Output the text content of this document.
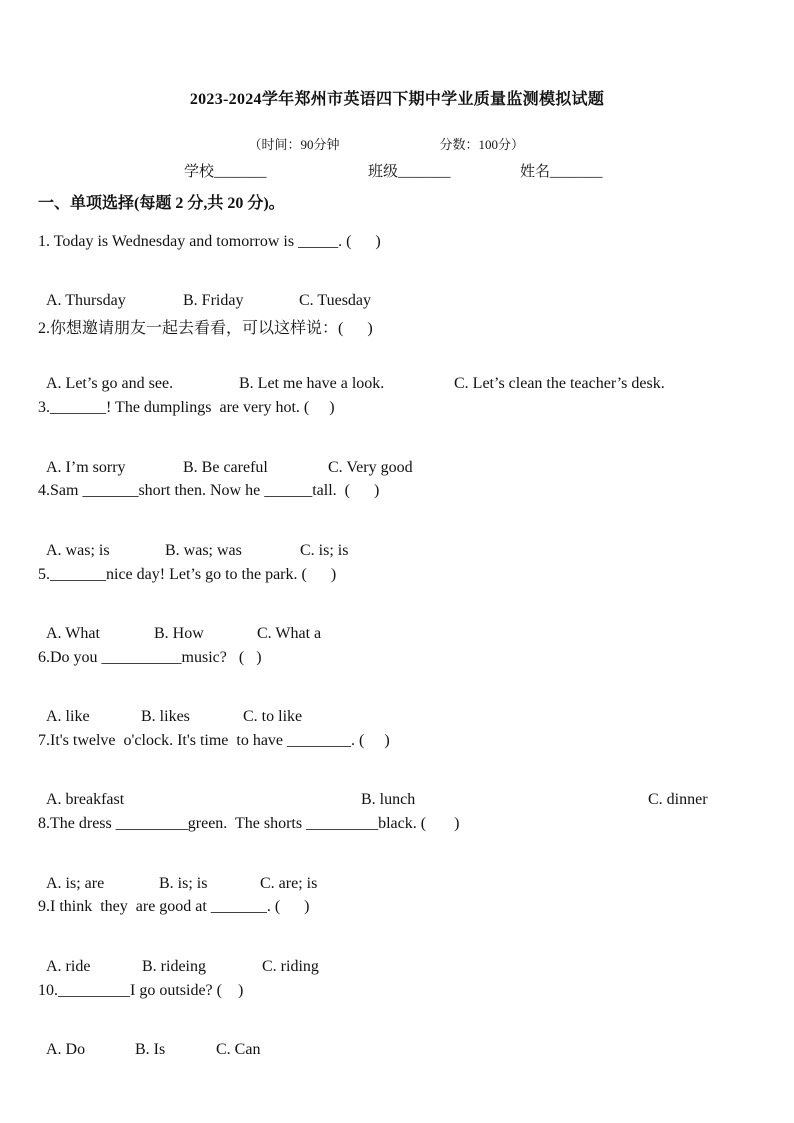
2023-2024学年郑州市英语四下期中学业质量监测模拟试题

（时间：90分钟	分数：100分）

学校_______	班级_______	姓名_______
一、单项选择(每题 2 分,共 20 分)。
1. Today is Wednesday and tomorrow is _____. (      )

A. Thursday	B. Friday	C. Tuesday

2.你想邀请朋友一起去看看，可以这样说：(      )

A. Let’s go and see.	B. Let me have a look.	C. Let’s clean the teacher’s desk.

3._______! The dumplings  are very hot. (     )

A. I’m sorry	B. Be careful	C. Very good

4.Sam _______short then. Now he ______tall.  (      )

A. was; is	B. was; was	C. is; is

5._______nice day! Let’s go to the park. (      )

A. What	B. How	C. What a

6.Do you __________music?   (   )

A. like	B. likes	C. to like

7.It's twelve  o'clock. It's time  to have ________. (     )

A. breakfast	B. lunch	C. dinner

8.The dress _________green.  The shorts _________black. (       )

A. is; are	B. is; is	C. are; is

9.I think  they  are good at _______. (      )

A. ride	B. rideing	C. riding

10._________I go outside? (    )

A. Do	B. Is	C. Can
